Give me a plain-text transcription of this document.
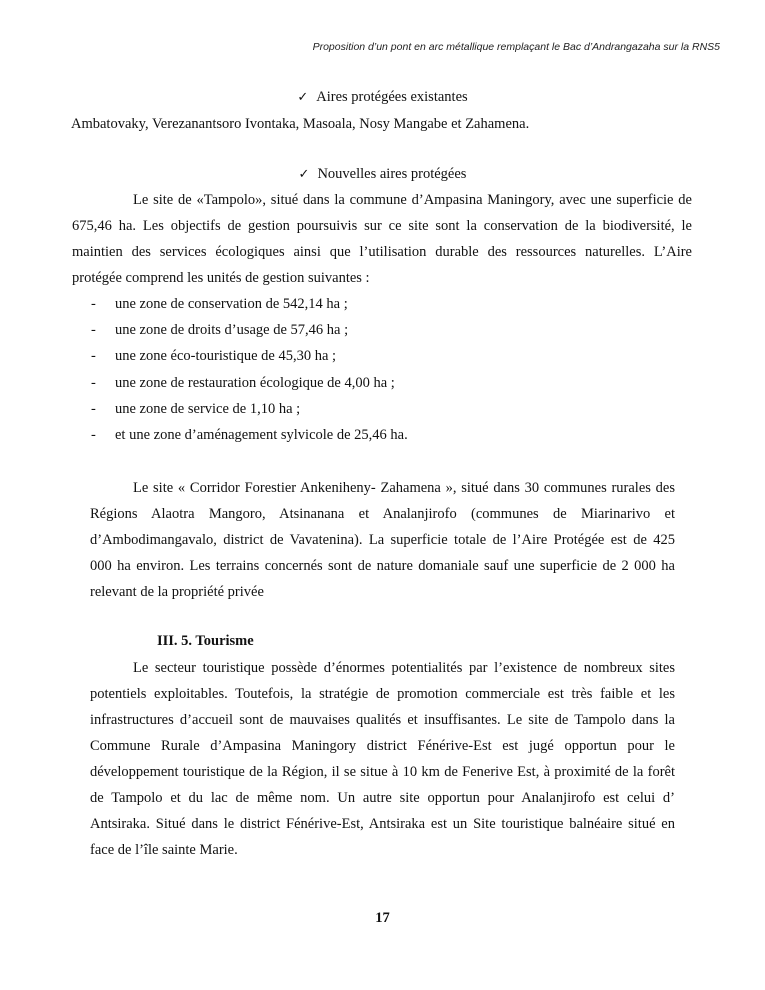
Proposition d’un pont en arc métallique remplaçant le Bac d’Andrangazaha sur la RNS5
✓ Aires protégées existantes
Ambatovaky, Verezanantsoro Ivontaka, Masoala, Nosy Mangabe et Zahamena.
✓ Nouvelles aires protégées
Le site de «Tampolo», situé dans la commune d’Ampasina Maningory, avec une superficie de
675,46 ha. Les objectifs de gestion poursuivis sur ce site sont la conservation de la biodiversité, le
maintien des services écologiques ainsi que l’utilisation durable des ressources naturelles. L’Aire
protégée comprend les unités de gestion suivantes :
- une zone de conservation de 542,14 ha ;
- une zone de droits d’usage de 57,46 ha ;
- une zone éco-touristique de 45,30 ha ;
- une zone de restauration écologique de 4,00 ha ;
- une zone de service de 1,10 ha ;
- et une zone d’aménagement sylvicole de 25,46 ha.
Le site « Corridor Forestier Ankeniheny- Zahamena », situé dans 30 communes rurales des
Régions Alaotra Mangoro, Atsinanana et Analanjirofo (communes de Miarinarivo et
d’Ambodimangavalo, district de Vavatenina). La superficie totale de l’Aire Protégée est de 425
000 ha environ. Les terrains concernés sont de nature domaniale sauf une superficie de 2 000 ha
relevant de la propriété privée
III. 5. Tourisme
Le secteur touristique possède d’énormes potentialités par l’existence de nombreux sites
potentiels exploitables. Toutefois, la stratégie de promotion commerciale est très faible et les
infrastructures d’accueil sont de mauvaises qualités et insuffisantes. Le site de Tampolo dans la
Commune Rurale d’Ampasina Maningory district Fénérive-Est est jugé opportun pour le
développement touristique de la Région, il se situe à 10 km de Fenerive Est, à proximité de la forêt
de Tampolo et du lac de même nom. Un autre site opportun pour Analanjirofo est celui d’
Antsiraka. Situé dans le district Fénérive-Est, Antsiraka est un Site touristique balnéaire situé en
face de l’île sainte Marie.
17
